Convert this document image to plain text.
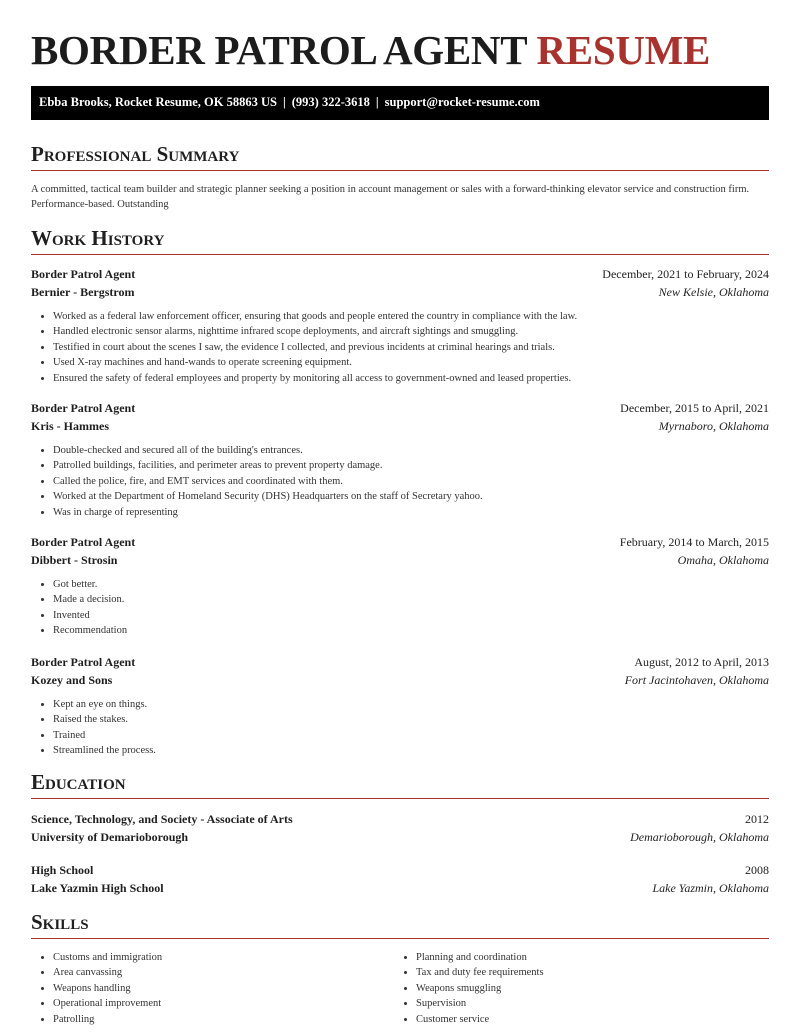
BORDER PATROL AGENT RESUME
Ebba Brooks, Rocket Resume, OK 58863 US | (993) 322-3618 | support@rocket-resume.com
Professional Summary

A committed, tactical team builder and strategic planner seeking a position in account management or sales with a forward-thinking elevator service and construction firm. Performance-based. Outstanding

Work History
Border Patrol Agent	December, 2021 to February, 2024
Bernier - Bergstrom	New Kelsie, Oklahoma
• Worked as a federal law enforcement officer, ensuring that goods and people entered the country in compliance with the law.
• Handled electronic sensor alarms, nighttime infrared scope deployments, and aircraft sightings and smuggling.
• Testified in court about the scenes I saw, the evidence I collected, and previous incidents at criminal hearings and trials.
• Used X-ray machines and hand-wands to operate screening equipment.
• Ensured the safety of federal employees and property by monitoring all access to government-owned and leased properties.
Border Patrol Agent	December, 2015 to April, 2021
Kris - Hammes	Myrnaboro, Oklahoma
• Double-checked and secured all of the building's entrances.
• Patrolled buildings, facilities, and perimeter areas to prevent property damage.
• Called the police, fire, and EMT services and coordinated with them.
• Worked at the Department of Homeland Security (DHS) Headquarters on the staff of Secretary yahoo.
• Was in charge of representing
Border Patrol Agent	February, 2014 to March, 2015
Dibbert - Strosin	Omaha, Oklahoma
• Got better.
• Made a decision.
• Invented
• Recommendation
Border Patrol Agent	August, 2012 to April, 2013
Kozey and Sons	Fort Jacintohaven, Oklahoma
• Kept an eye on things.
• Raised the stakes.
• Trained
• Streamlined the process.
Education
Science, Technology, and Society - Associate of Arts	2012
University of Demarioborough	Demarioborough, Oklahoma
High School	2008
Lake Yazmin High School	Lake Yazmin, Oklahoma
Skills
• Customs and immigration
• Area canvassing
• Weapons handling
• Operational improvement
• Patrolling
• Planning and coordination
• Tax and duty fee requirements
• Weapons smuggling
• Supervision
• Customer service
